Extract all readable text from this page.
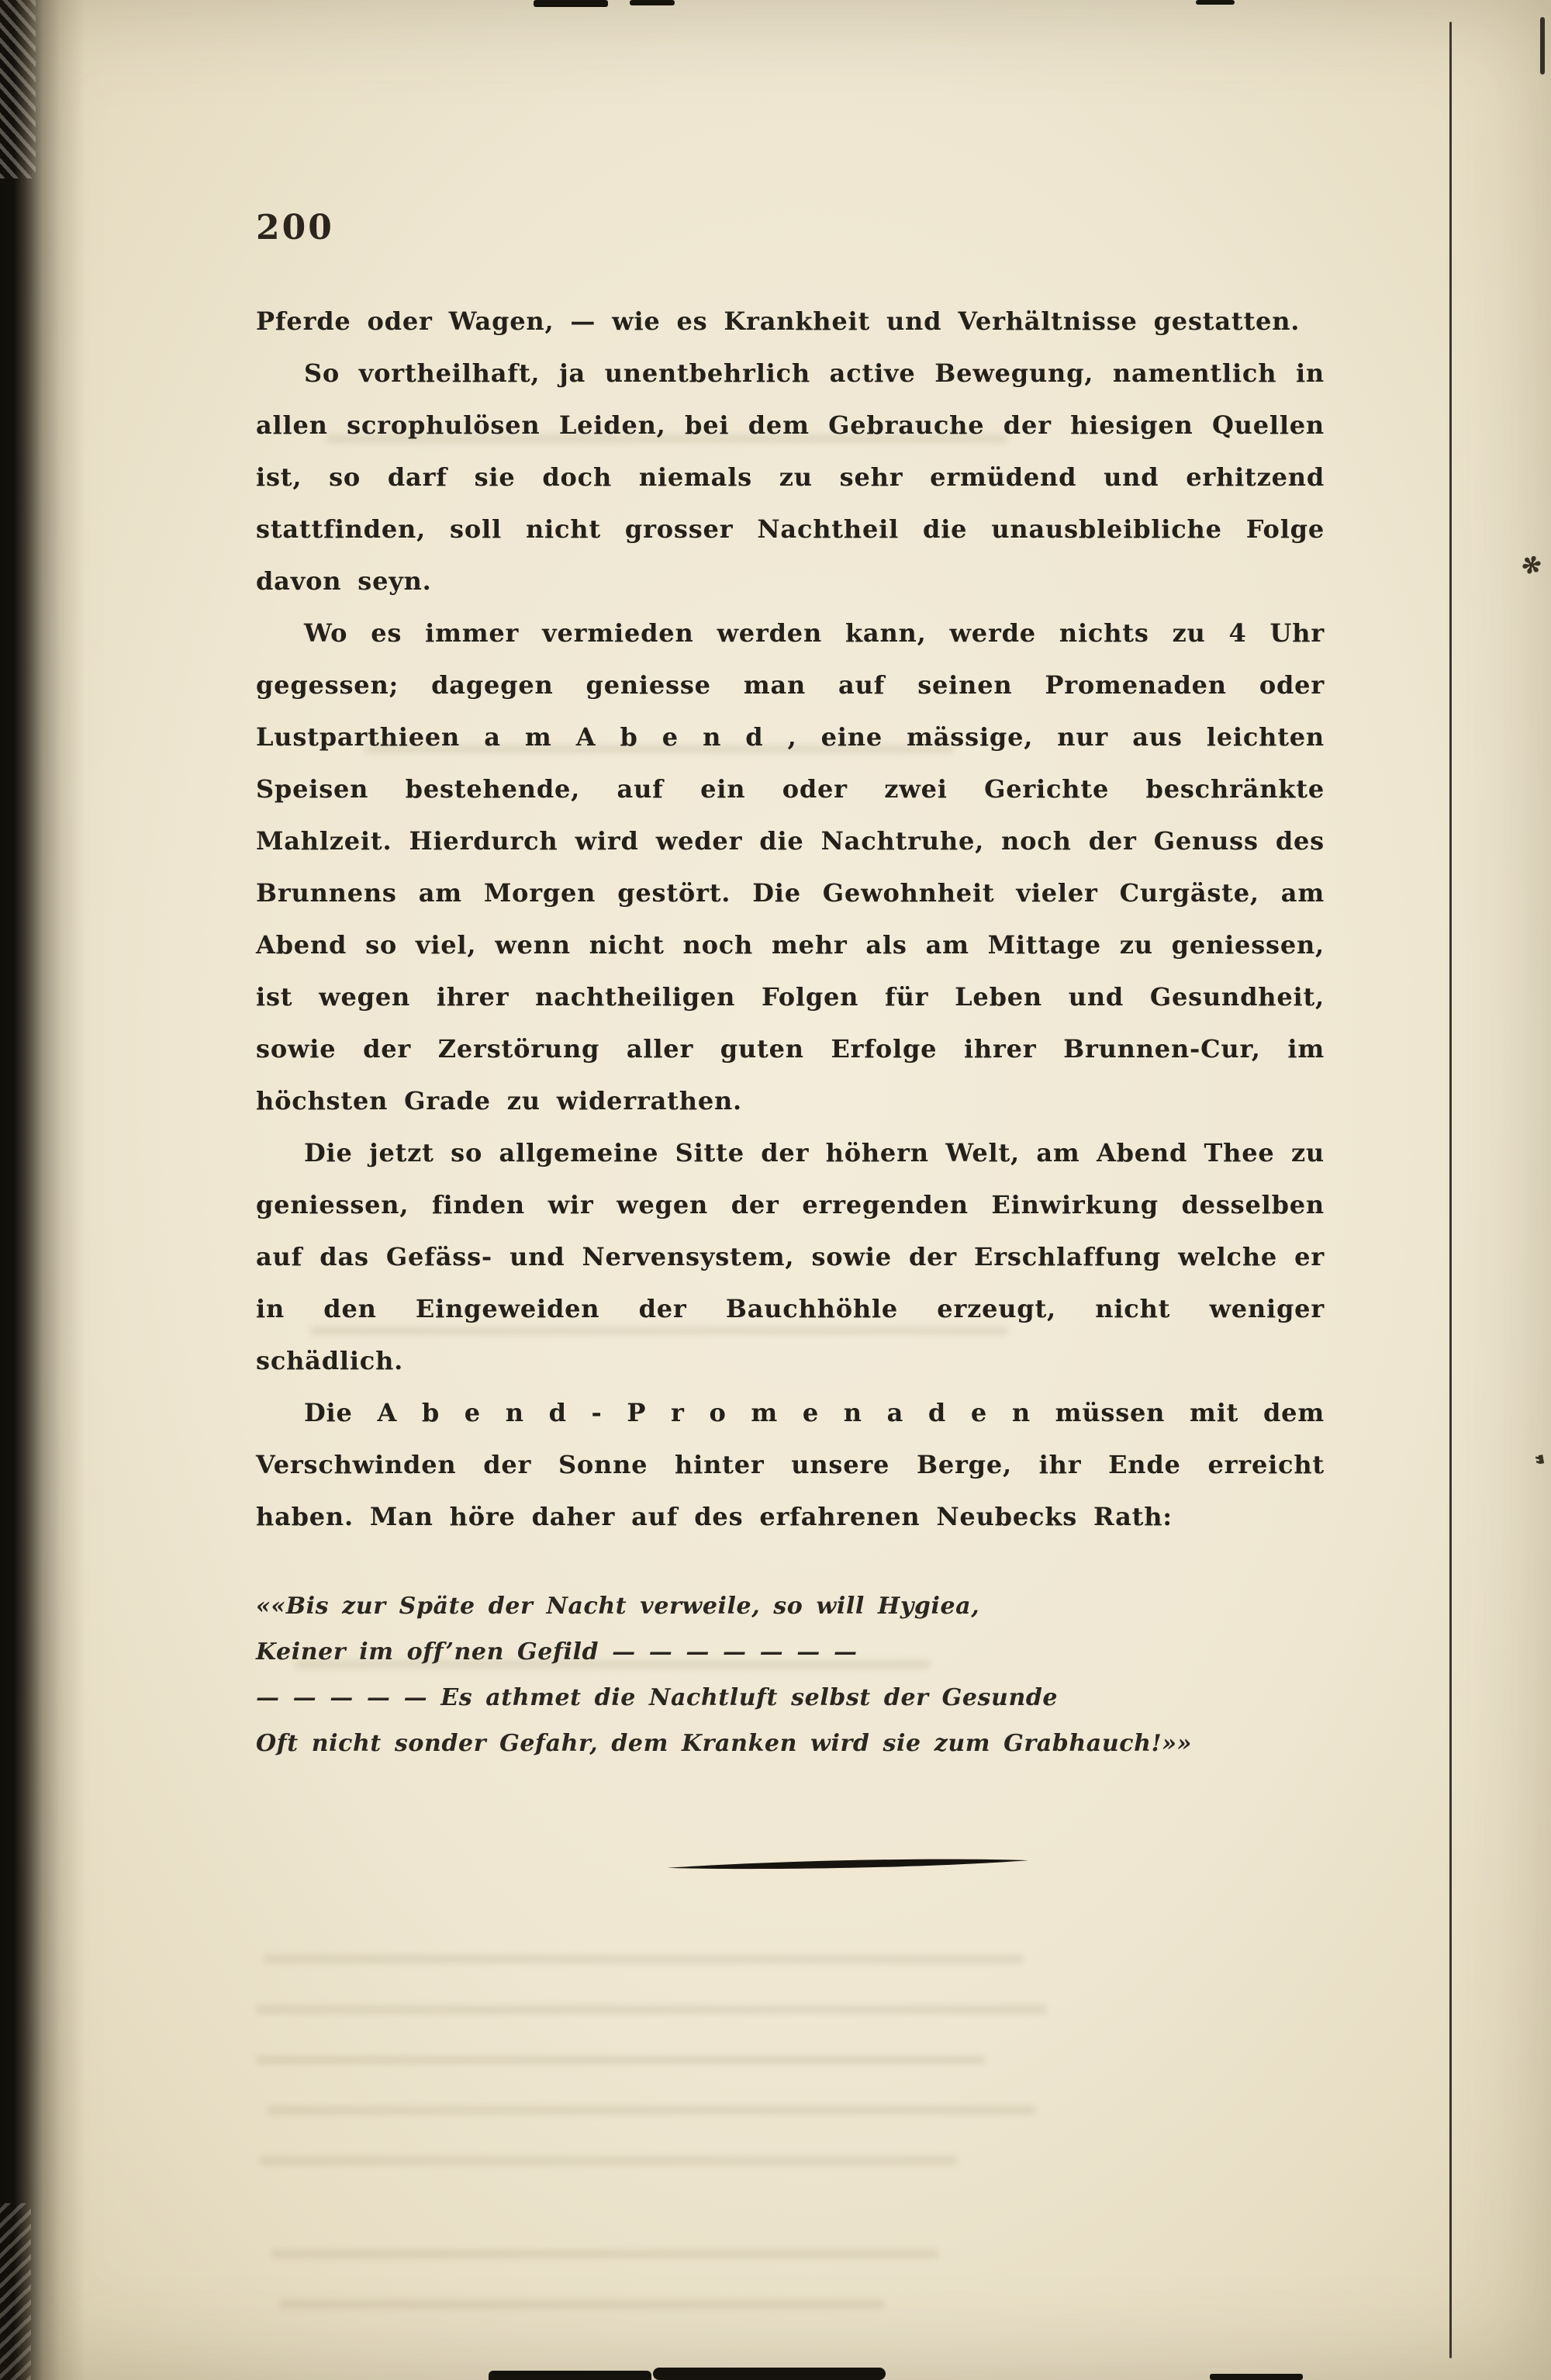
✻
❞
200

Pferde oder Wagen, — wie es Krankheit und Verhältnisse gestatten.

So vortheilhaft, ja unentbehrlich active Bewegung, namentlich in allen scrophulösen Leiden, bei dem Gebrauche der hiesigen Quellen ist, so darf sie doch niemals zu sehr ermüdend und erhitzend stattfinden, soll nicht grosser Nachtheil die unausbleibliche Folge davon seyn.

Wo es immer vermieden werden kann, werde nichts zu 4 Uhr gegessen; dagegen geniesse man auf seinen Promenaden oder Lustparthieen a m A b e n d , eine mässige, nur aus leichten Speisen bestehende, auf ein oder zwei Gerichte beschränkte Mahlzeit. Hierdurch wird weder die Nachtruhe, noch der Genuss des Brunnens am Morgen gestört. Die Gewohnheit vieler Curgäste, am Abend so viel, wenn nicht noch mehr als am Mittage zu geniessen, ist wegen ihrer nachtheiligen Folgen für Leben und Gesundheit, sowie der Zerstörung aller guten Erfolge ihrer Brunnen-Cur, im höchsten Grade zu widerrathen.

Die jetzt so allgemeine Sitte der höhern Welt, am Abend Thee zu geniessen, finden wir wegen der erregenden Einwirkung desselben auf das Gefäss- und Nervensystem, sowie der Erschlaffung welche er in den Eingeweiden der Bauchhöhle erzeugt, nicht weniger schädlich.

Die A b e n d - P r o m e n a d e n müssen mit dem Verschwinden der Sonne hinter unsere Berge, ihr Ende erreicht haben. Man höre daher auf des erfahrenen Neubecks Rath:

««Bis zur Späte der Nacht verweile, so will Hygiea,

Keiner im off’nen Gefild — — — — — — —

— — — — — Es athmet die Nachtluft selbst der Gesunde

Oft nicht sonder Gefahr, dem Kranken wird sie zum Grabhauch!»»
